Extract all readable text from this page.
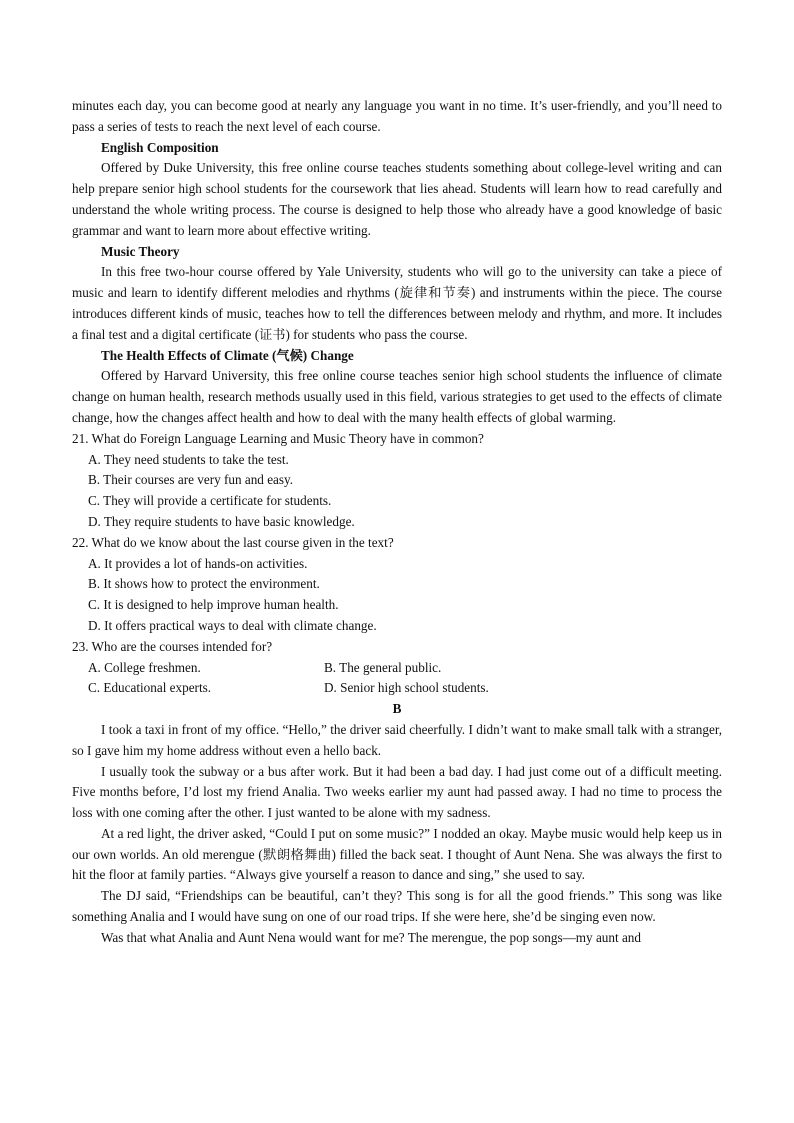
minutes each day, you can become good at nearly any language you want in no time. It’s user-friendly, and you’ll need to pass a series of tests to reach the next level of each course.

English Composition

Offered by Duke University, this free online course teaches students something about college-level writing and can help prepare senior high school students for the coursework that lies ahead. Students will learn how to read carefully and understand the whole writing process. The course is designed to help those who already have a good knowledge of basic grammar and want to learn more about effective writing.

Music Theory

In this free two-hour course offered by Yale University, students who will go to the university can take a piece of music and learn to identify different melodies and rhythms (旋律和节奏) and instruments within the piece. The course introduces different kinds of music, teaches how to tell the differences between melody and rhythm, and more. It includes a final test and a digital certificate (证书) for students who pass the course.

The Health Effects of Climate (气候) Change

Offered by Harvard University, this free online course teaches senior high school students the influence of climate change on human health, research methods usually used in this field, various strategies to get used to the effects of climate change, how the changes affect health and how to deal with the many health effects of global warming.

21. What do Foreign Language Learning and Music Theory have in common?

A. They need students to take the test.

B. Their courses are very fun and easy.

C. They will provide a certificate for students.

D. They require students to have basic knowledge.

22. What do we know about the last course given in the text?

A. It provides a lot of hands-on activities.

B. It shows how to protect the environment.

C. It is designed to help improve human health.

D. It offers practical ways to deal with climate change.

23. Who are the courses intended for?

A. College freshmen.	B. The general public.
C. Educational experts.	D. Senior high school students.

B

I took a taxi in front of my office. “Hello,” the driver said cheerfully. I didn’t want to make small talk with a stranger, so I gave him my home address without even a hello back.

I usually took the subway or a bus after work. But it had been a bad day. I had just come out of a difficult meeting. Five months before, I’d lost my friend Analia. Two weeks earlier my aunt had passed away. I had no time to process the loss with one coming after the other. I just wanted to be alone with my sadness.

At a red light, the driver asked, “Could I put on some music?” I nodded an okay. Maybe music would help keep us in our own worlds. An old merengue (默朗格舞曲) filled the back seat. I thought of Aunt Nena. She was always the first to hit the floor at family parties. “Always give yourself a reason to dance and sing,” she used to say.

The DJ said, “Friendships can be beautiful, can’t they? This song is for all the good friends.” This song was like something Analia and I would have sung on one of our road trips. If she were here, she’d be singing even now.

Was that what Analia and Aunt Nena would want for me? The merengue, the pop songs—my aunt and
